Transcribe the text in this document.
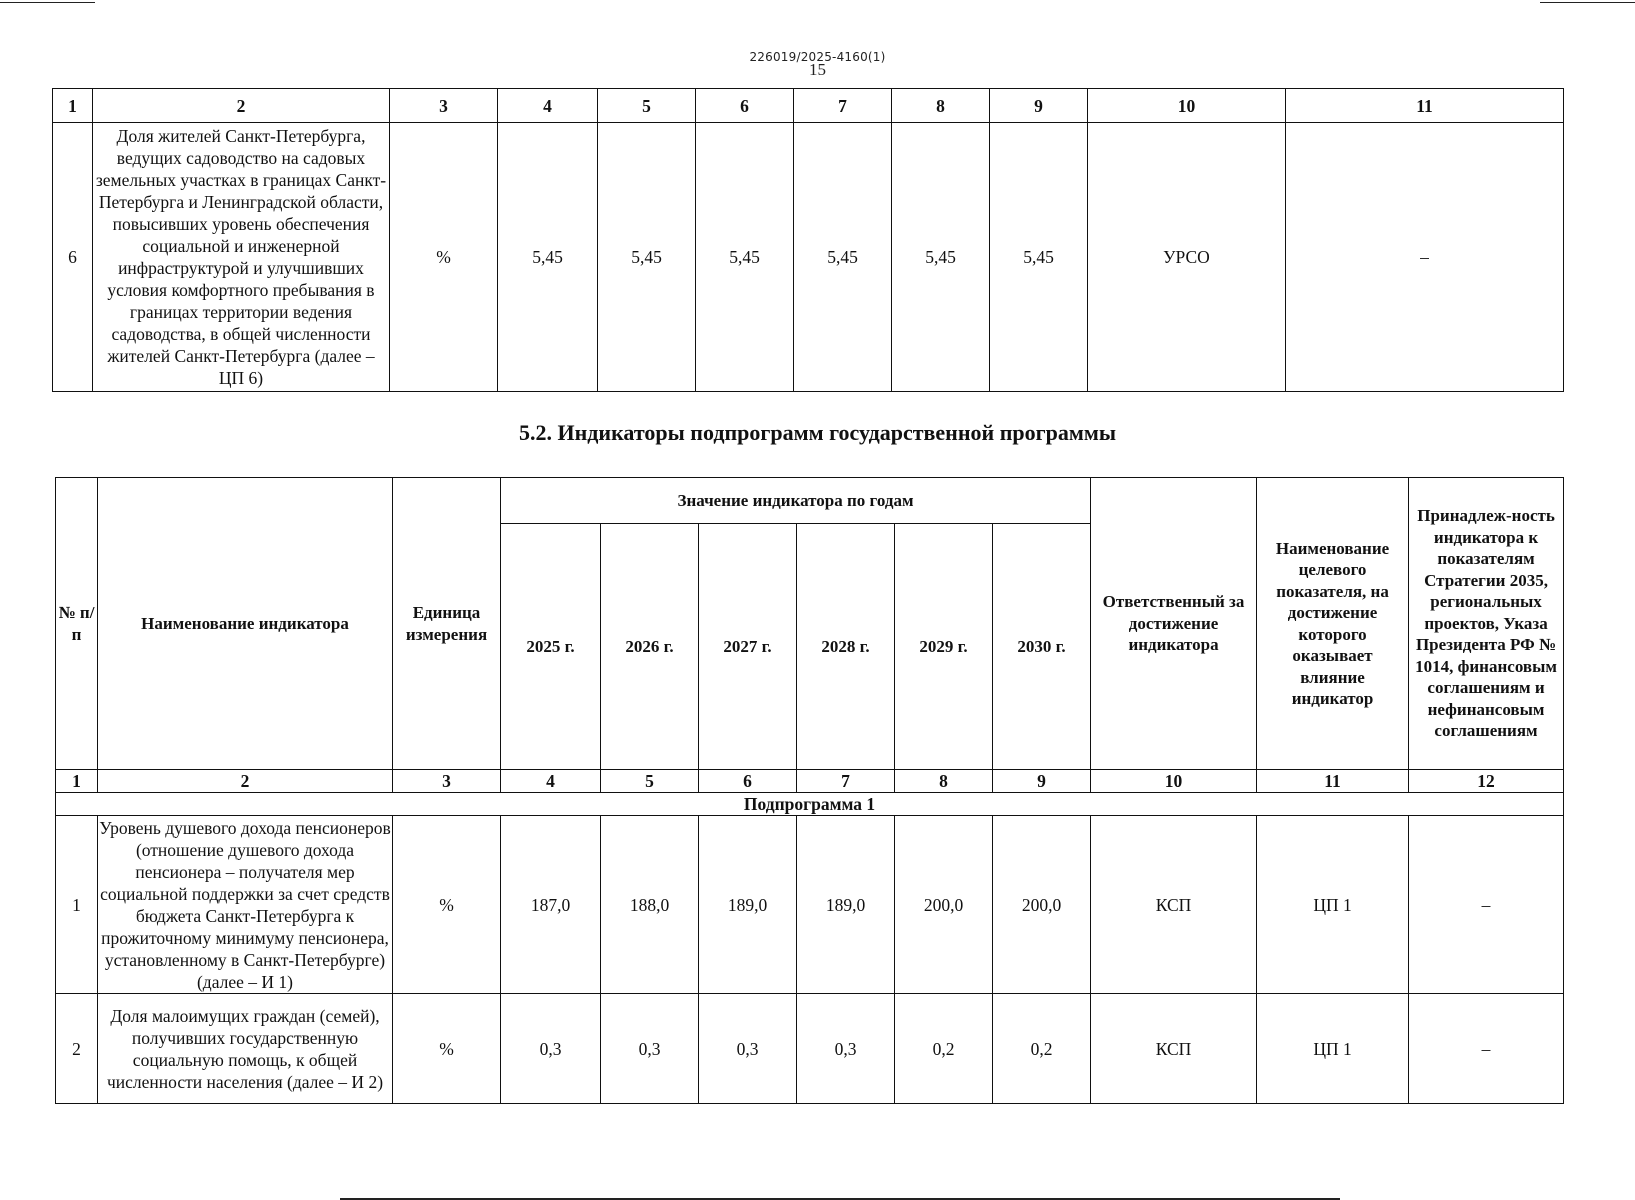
226019/2025-4160(1)
15
1	2	3	4	5	6	7	8	9	10	11
6	Доля жителей Санкт-Петербурга, ведущих садоводство на садовых земельных участках в границах Санкт-Петербурга и Ленинградской области, повысивших уровень обеспечения социальной и инженерной инфраструктурой и улучшивших условия комфортного пребывания в границах территории ведения садоводства, в общей численности жителей Санкт-Петербурга (далее – ЦП 6)	%	5,45	5,45	5,45	5,45	5,45	5,45	УРСО	–
5.2. Индикаторы подпрограмм государственной программы
№ п/п	Наименование индикатора	Единица измерения	Значение индикатора по годам						Ответственный за достижение индикатора	Наименование целевого показателя, на достижение которого оказывает влияние индикатор	Принадлеж-ность индикатора к показателям Стратегии 2035, региональных проектов, Указа Президента РФ № 1014, финансовым соглашениям и нефинансовым соглашениям
			2025 г.	2026 г.	2027 г.	2028 г.	2029 г.	2030 г.			
1	2	3	4	5	6	7	8	9	10	11	12
Подпрограмма 1											
1	Уровень душевого дохода пенсионеров (отношение душевого дохода пенсионера – получателя мер социальной поддержки за счет средств бюджета Санкт-Петербурга к прожиточному минимуму пенсионера, установленному в Санкт-Петербурге) (далее – И 1)	%	187,0	188,0	189,0	189,0	200,0	200,0	КСП	ЦП 1	–
2	Доля малоимущих граждан (семей), получивших государственную социальную помощь, к общей численности населения (далее – И 2)	%	0,3	0,3	0,3	0,3	0,2	0,2	КСП	ЦП 1	–
